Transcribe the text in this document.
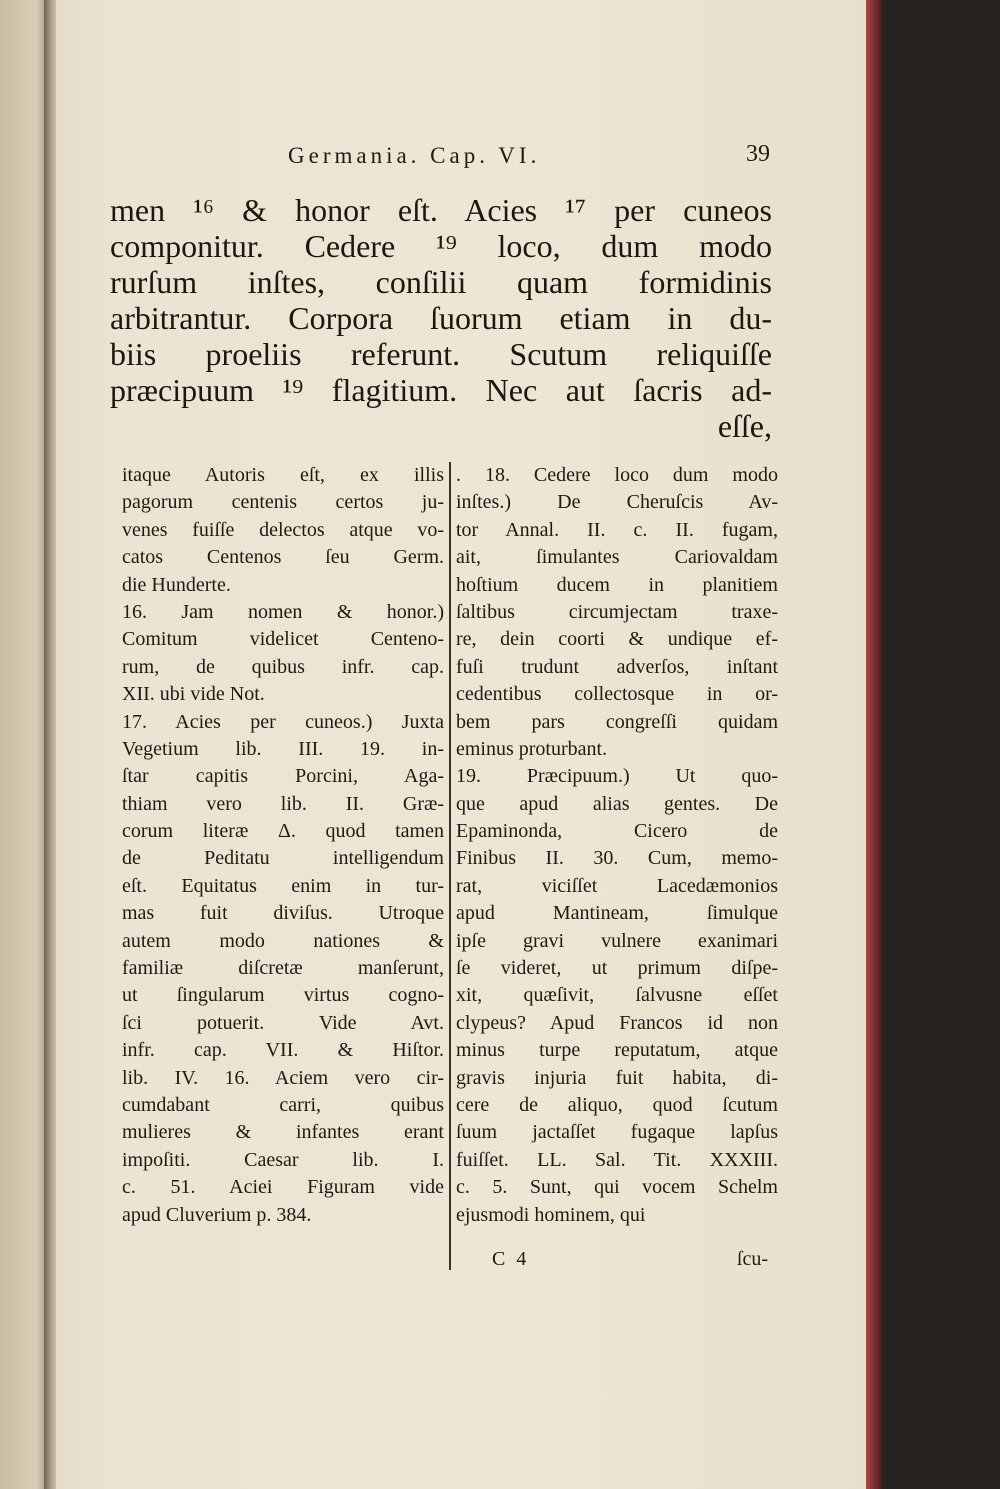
Germania. Cap. VI.	39
men ¹⁶ & honor eſt. Acies ¹⁷ per cuneos
componitur. Cedere ¹⁹ loco, dum modo
rurſum inſtes, conſilii quam formidinis
arbitrantur. Corpora ſuorum etiam in du-
biis proeliis referunt. Scutum reliquiſſe
præcipuum ¹⁹ flagitium. Nec aut ſacris ad-
eſſe,
itaque Autoris eſt, ex illis
pagorum centenis certos ju-
venes fuiſſe delectos atque vo-
catos Centenos ſeu Germ.
die Hunderte.
16. Jam nomen & honor.)
Comitum videlicet Centeno-
rum, de quibus infr. cap.
XII. ubi vide Not.
17. Acies per cuneos.) Juxta
Vegetium lib. III. 19. in-
ſtar capitis Porcini, Aga-
thiam vero lib. II. Græ-
corum literæ Δ. quod tamen
de Peditatu intelligendum
eſt. Equitatus enim in tur-
mas fuit diviſus. Utroque
autem modo nationes &
familiæ diſcretæ manſerunt,
ut ſingularum virtus cogno-
ſci potuerit. Vide Avt.
infr. cap. VII. & Hiſtor.
lib. IV. 16. Aciem vero cir-
cumdabant carri, quibus
mulieres & infantes erant
impoſiti. Caesar lib. I.
c. 51. Aciei Figuram vide
apud Cluverium p. 384.
. 18. Cedere loco dum modo
inſtes.) De Cheruſcis Av-
tor Annal. II. c. II. fugam,
ait, ſimulantes Cariovaldam
hoſtium ducem in planitiem
ſaltibus circumjectam traxe-
re, dein coorti & undique ef-
fuſi trudunt adverſos, inſtant
cedentibus collectosque in or-
bem pars congreſſi quidam
eminus proturbant.
19. Præcipuum.) Ut quo-
que apud alias gentes. De
Epaminonda, Cicero de
Finibus II. 30. Cum, memo-
rat, viciſſet Lacedæmonios
apud Mantineam, ſimulque
ipſe gravi vulnere exanimari
ſe videret, ut primum diſpe-
xit, quæſivit, ſalvusne eſſet
clypeus? Apud Francos id non
minus turpe reputatum, atque
gravis injuria fuit habita, di-
cere de aliquo, quod ſcutum
ſuum jactaſſet fugaque lapſus
fuiſſet. LL. Sal. Tit. XXXIII.
c. 5. Sunt, qui vocem Schelm
ejusmodi hominem, qui
C 4	ſcu-
